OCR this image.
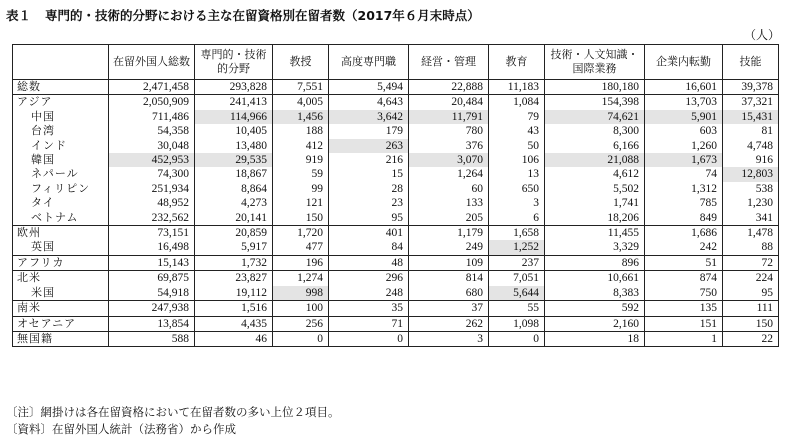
表１ 専門的・技術的分野における主な在留資格別在留者数（2017年６月末時点）
（人）
	在留外国人総数	専門的・技術的分野	教授	高度専門職	経営・管理	教育	技術・人文知識・国際業務	企業内転勤	技能
総数	2,471,458	293,828	7,551	5,494	22,888	11,183	180,180	16,601	39,378
アジア	2,050,909	241,413	4,005	4,643	20,484	1,084	154,398	13,703	37,321
中国	711,486	114,966	1,456	3,642	11,791	79	74,621	5,901	15,431
台湾	54,358	10,405	188	179	780	43	8,300	603	81
インド	30,048	13,480	412	263	376	50	6,166	1,260	4,748
韓国	452,953	29,535	919	216	3,070	106	21,088	1,673	916
ネパール	74,300	18,867	59	15	1,264	13	4,612	74	12,803
フィリピン	251,934	8,864	99	28	60	650	5,502	1,312	538
タイ	48,952	4,273	121	23	133	3	1,741	785	1,230
ベトナム	232,562	20,141	150	95	205	6	18,206	849	341
欧州	73,151	20,859	1,720	401	1,179	1,658	11,455	1,686	1,478
英国	16,498	5,917	477	84	249	1,252	3,329	242	88
アフリカ	15,143	1,732	196	48	109	237	896	51	72
北米	69,875	23,827	1,274	296	814	7,051	10,661	874	224
米国	54,918	19,112	998	248	680	5,644	8,383	750	95
南米	247,938	1,516	100	35	37	55	592	135	111
オセアニア	13,854	4,435	256	71	262	1,098	2,160	151	150
無国籍	588	46	0	0	3	0	18	1	22
〔注〕網掛けは各在留資格において在留者数の多い上位２項目。
〔資料〕在留外国人統計（法務省）から作成
